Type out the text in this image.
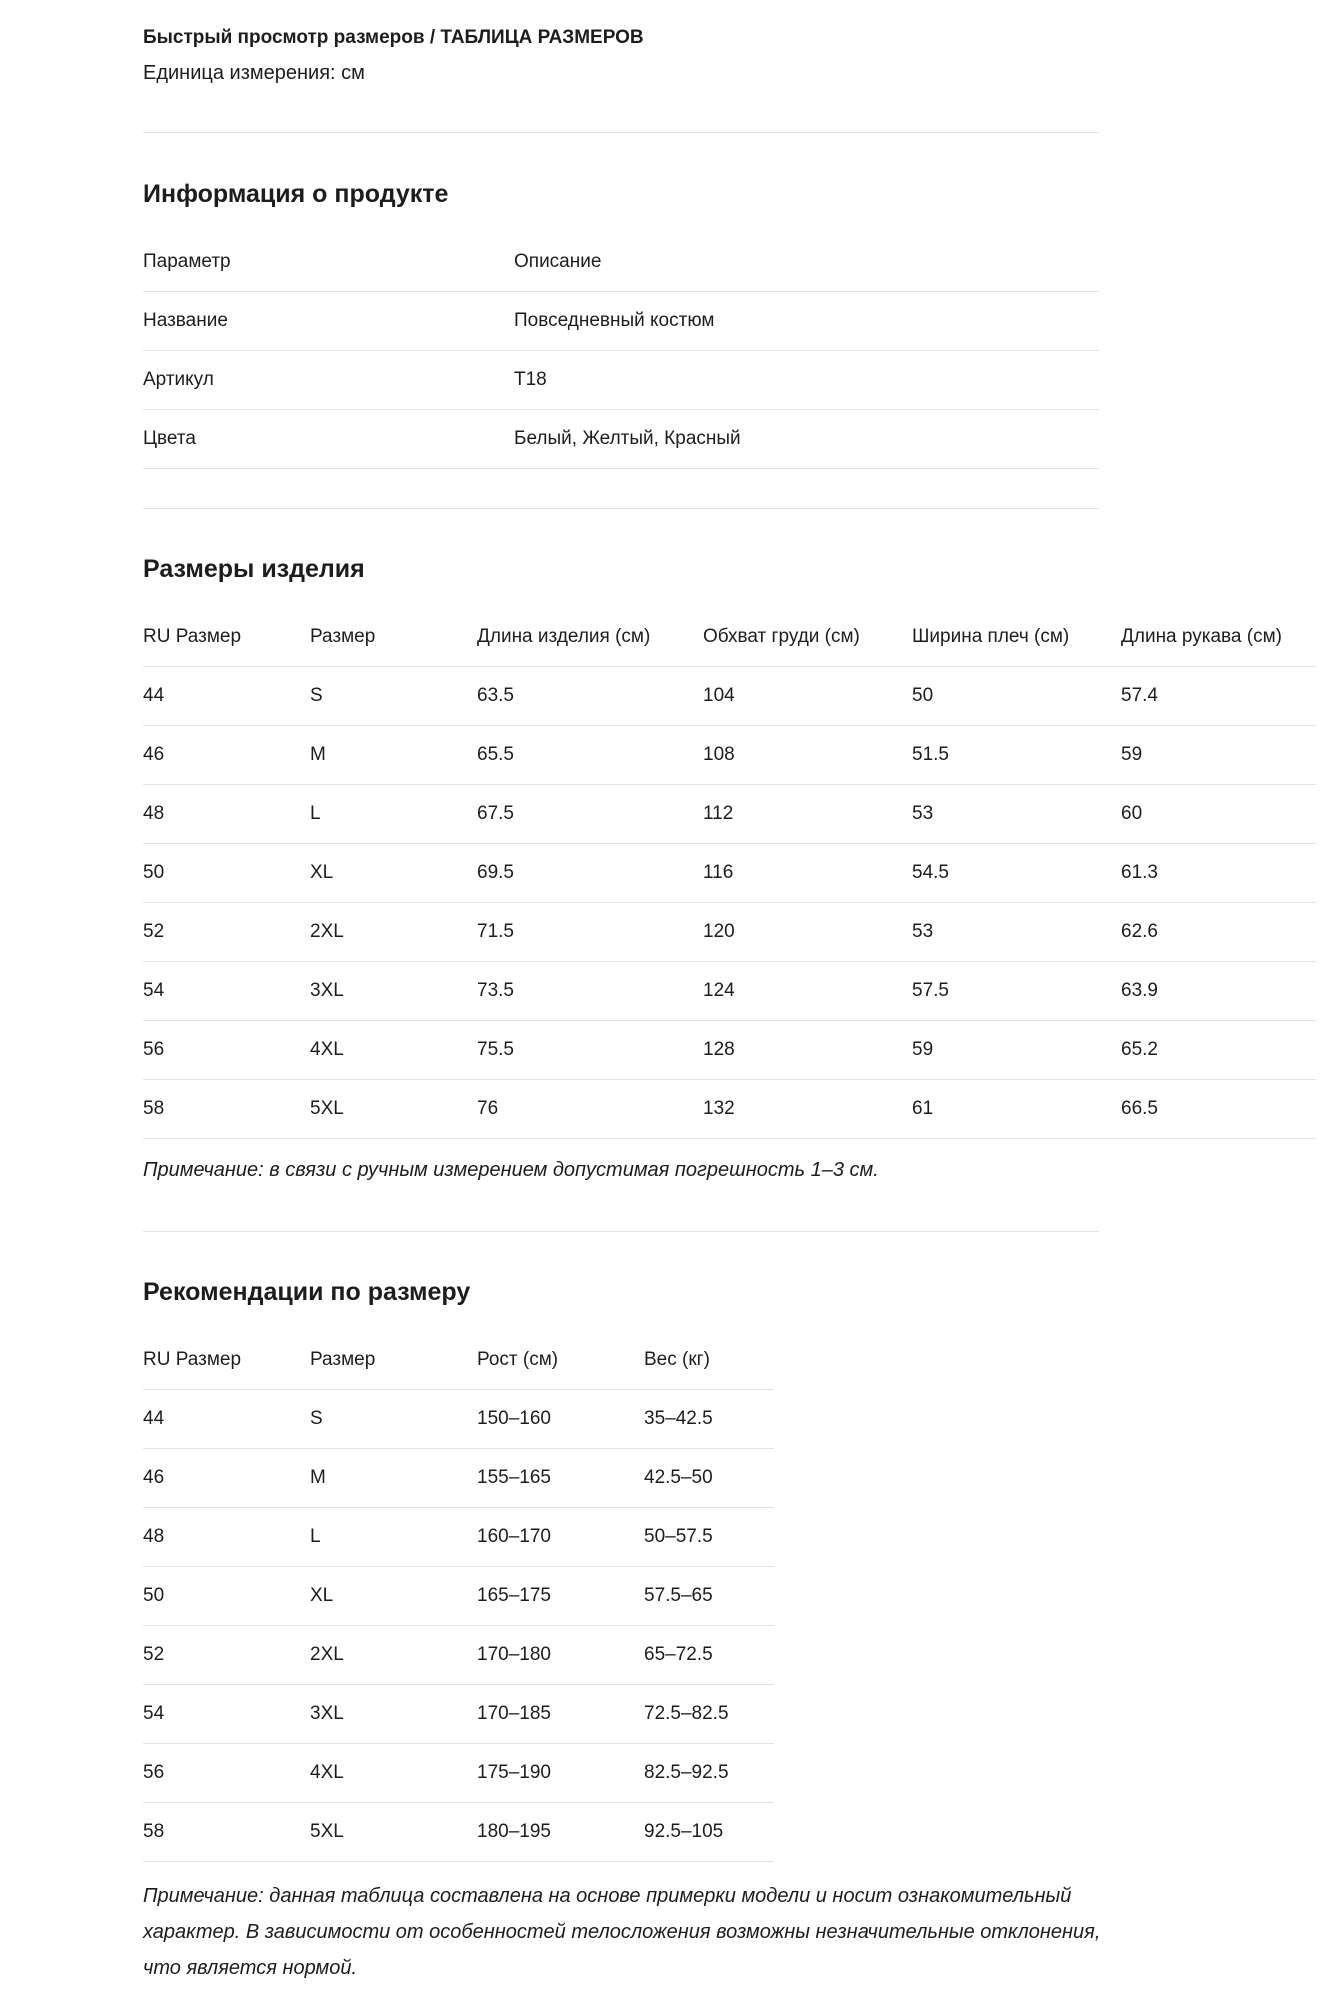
Быстрый просмотр размеров / ТАБЛИЦА РАЗМЕРОВ
Единица измерения: см
Информация о продукте
Параметр	Описание
Название	Повседневный костюм
Артикул	T18
Цвета	Белый, Желтый, Красный
Размеры изделия
RU Размер	Размер	Длина изделия (см)	Обхват груди (см)	Ширина плеч (см)	Длина рукава (см)
44	S	63.5	104	50	57.4
46	M	65.5	108	51.5	59
48	L	67.5	112	53	60
50	XL	69.5	116	54.5	61.3
52	2XL	71.5	120	53	62.6
54	3XL	73.5	124	57.5	63.9
56	4XL	75.5	128	59	65.2
58	5XL	76	132	61	66.5

Примечание: в связи с ручным измерением допустимая погрешность 1–3 см.

Рекомендации по размеру
RU Размер	Размер	Рост (см)	Вес (кг)
44	S	150–160	35–42.5
46	M	155–165	42.5–50
48	L	160–170	50–57.5
50	XL	165–175	57.5–65
52	2XL	170–180	65–72.5
54	3XL	170–185	72.5–82.5
56	4XL	175–190	82.5–92.5
58	5XL	180–195	92.5–105
Примечание: данная таблица составлена на основе примерки модели и носит ознакомительный
характер. В зависимости от особенностей телосложения возможны незначительные отклонения,
что является нормой.
